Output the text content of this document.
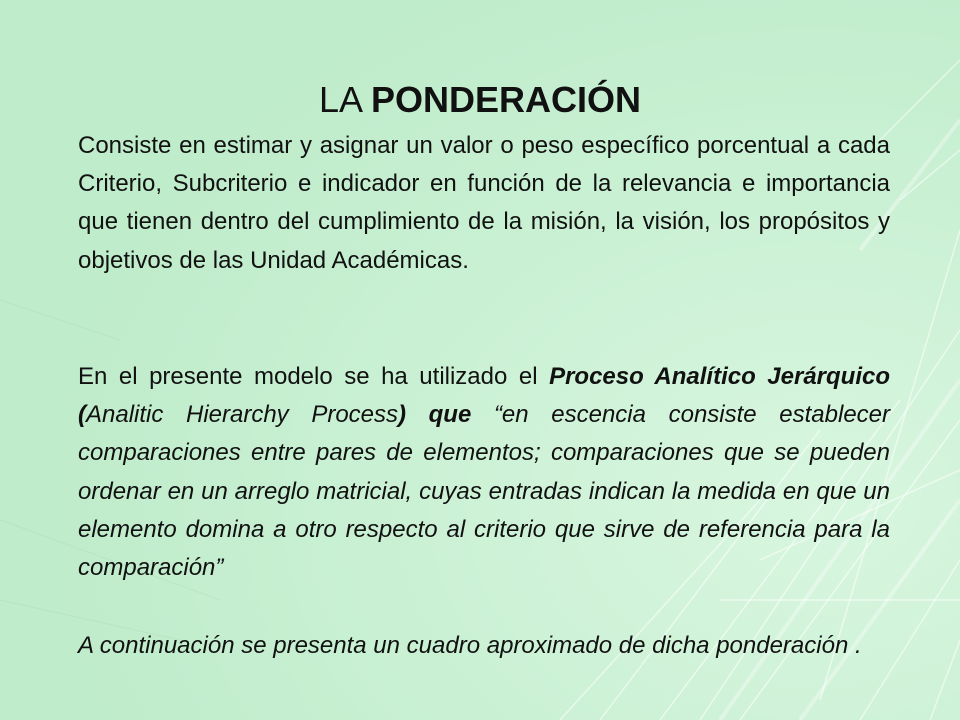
LA PONDERACIÓN

Consiste en estimar y asignar un valor o peso específico porcentual a cada Criterio, Subcriterio e indicador en función de la relevancia e importancia que tienen dentro del cumplimiento de la misión, la visión, los propósitos y objetivos de las Unidad Académicas.

En el presente modelo se ha utilizado el Proceso Analítico Jerárquico (Analitic Hierarchy Process) que “en escencia consiste establecer comparaciones entre pares de elementos; comparaciones que se pueden ordenar en un arreglo matricial, cuyas entradas indican la medida en que un elemento domina a otro respecto al criterio que sirve de referencia para la comparación”

A continuación se presenta un cuadro aproximado de dicha ponderación .
